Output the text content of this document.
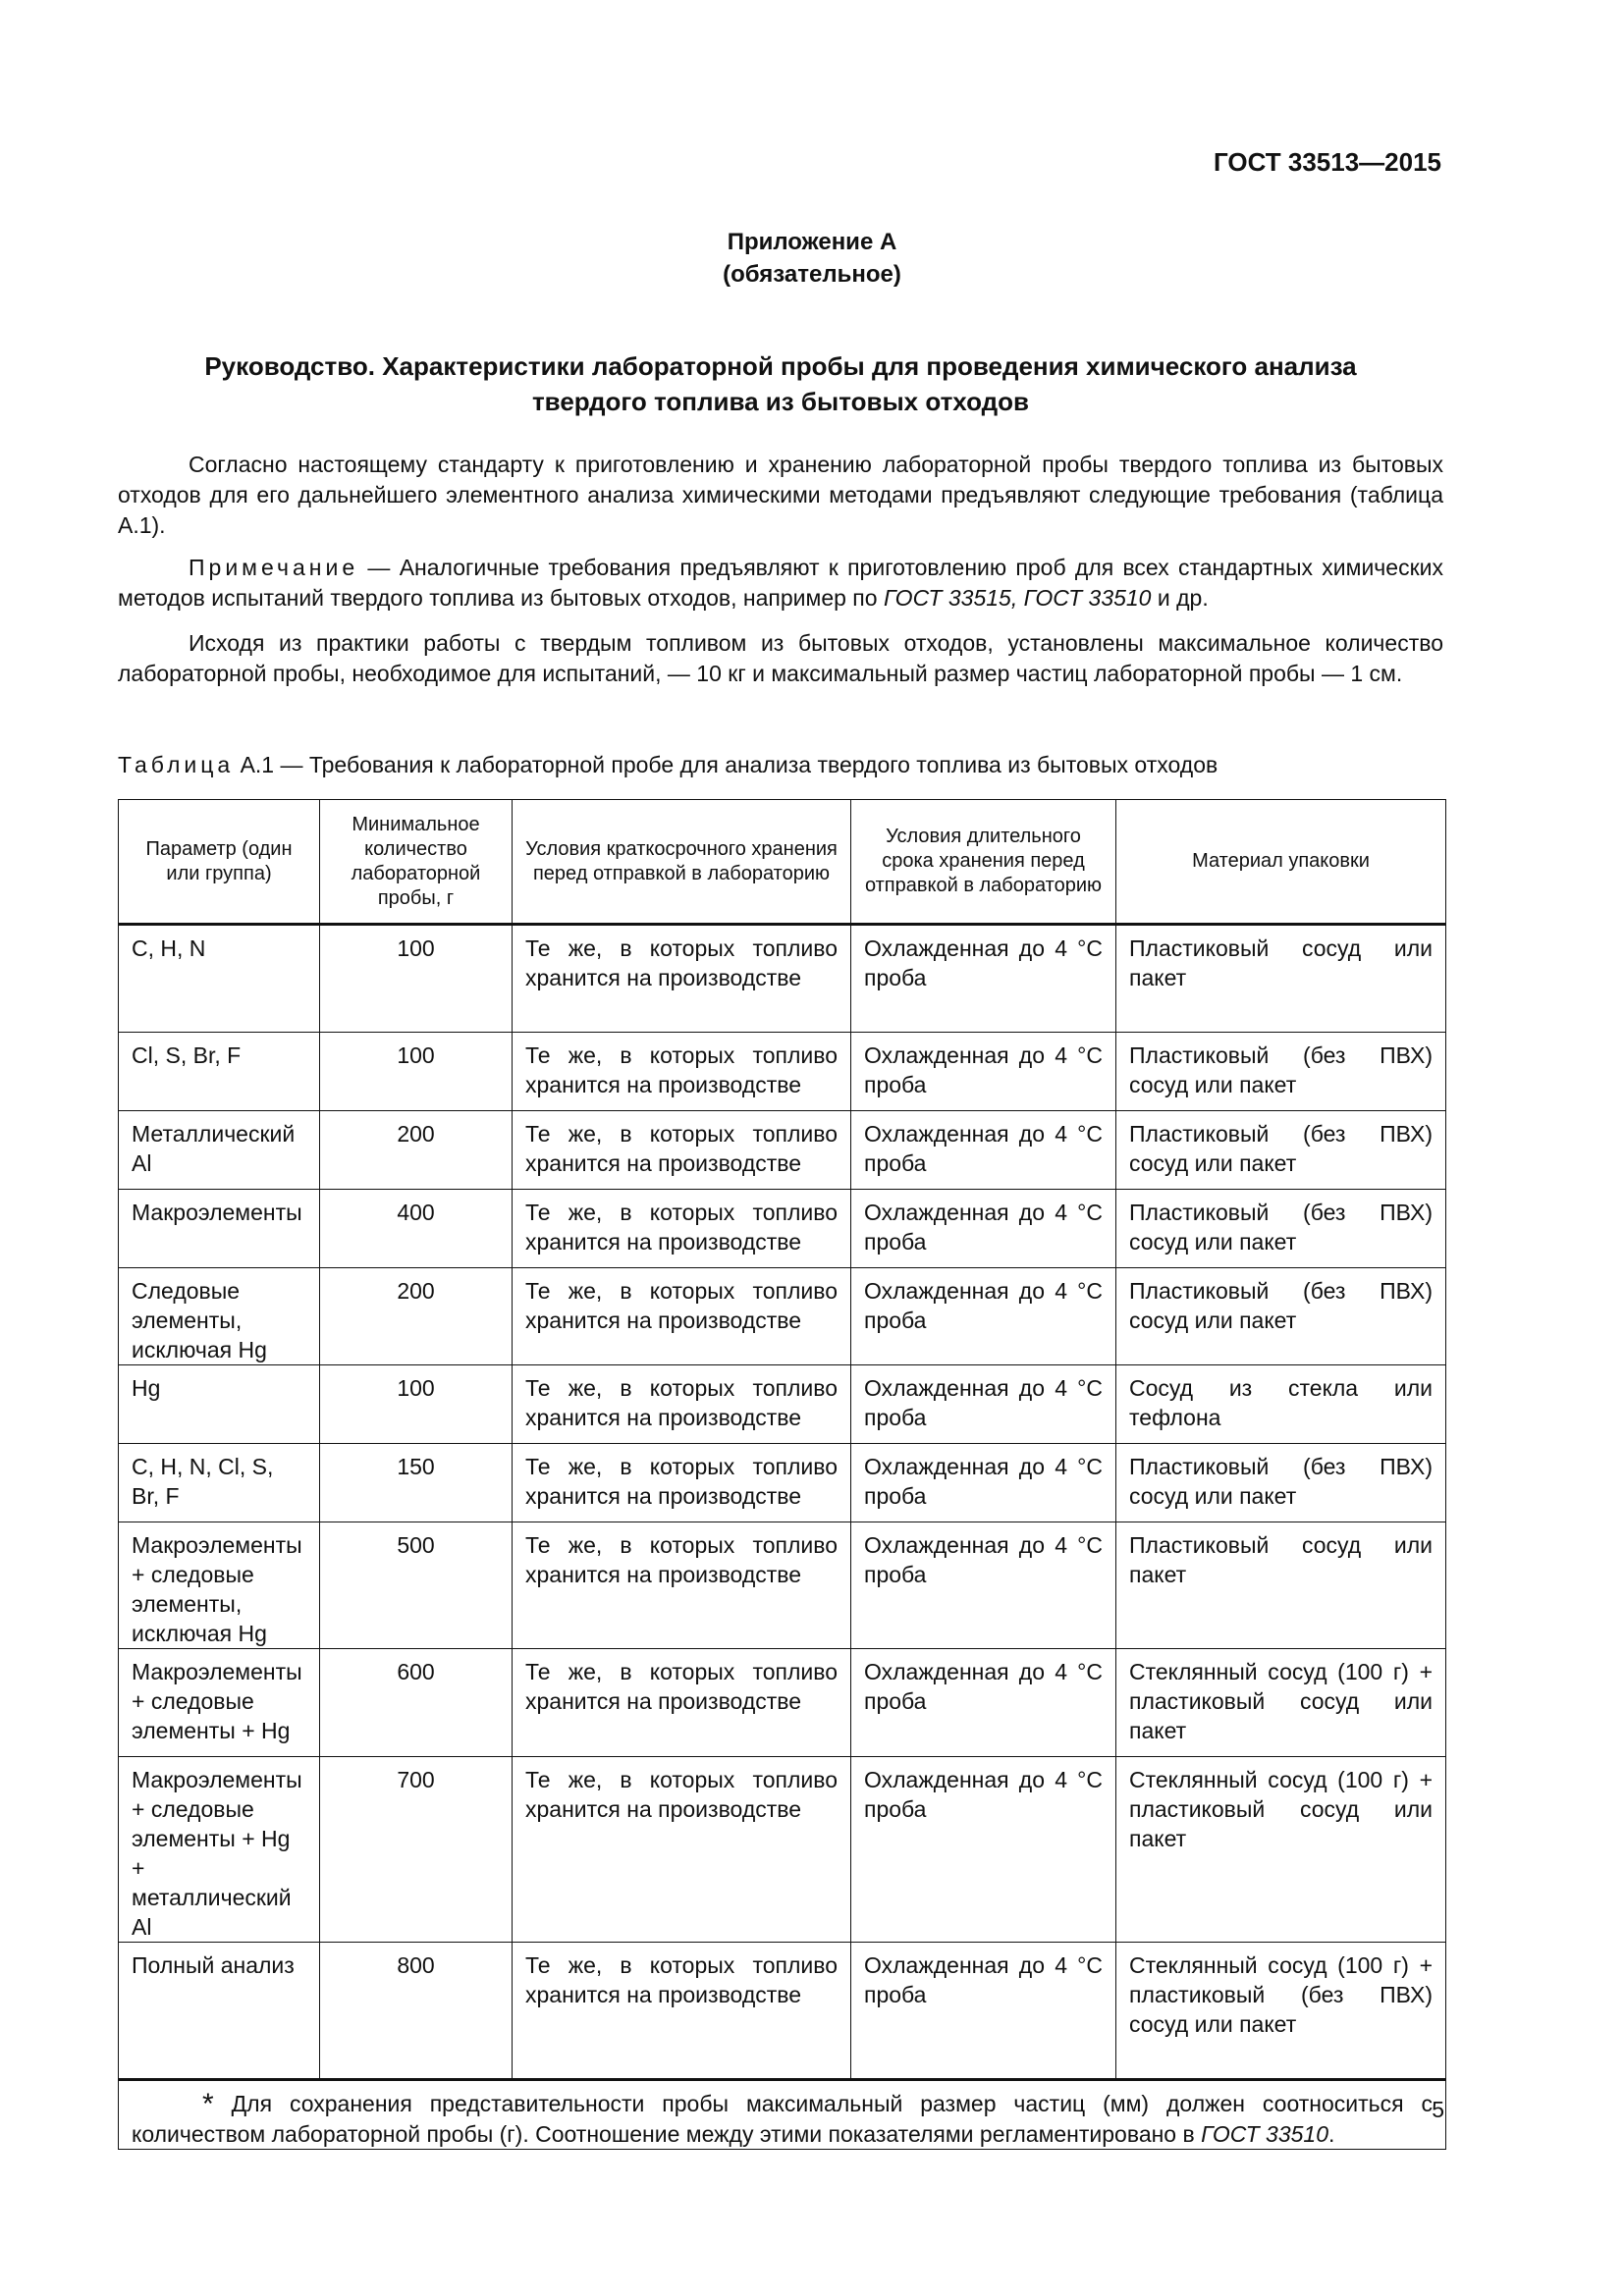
ГОСТ 33513—2015
Приложение А
(обязательное)
Руководство. Характеристики лабораторной пробы для проведения химического анализа
твердого топлива из бытовых отходов
Согласно настоящему стандарту к приготовлению и хранению лабораторной пробы твердого топлива из бытовых отходов для его дальнейшего элементного анализа химическими методами предъявляют следующие требования (таблица А.1).
Примечание — Аналогичные требования предъявляют к приготовлению проб для всех стандартных химических методов испытаний твердого топлива из бытовых отходов, например по ГОСТ 33515, ГОСТ 33510 и др.
Исходя из практики работы с твердым топливом из бытовых отходов, установлены максимальное количество лабораторной пробы, необходимое для испытаний, — 10 кг и максимальный размер частиц лабораторной пробы — 1 см.
Таблица А.1 — Требования к лабораторной пробе для анализа твердого топлива из бытовых отходов
Параметр (один или группа)	Минимальное количество лабораторной пробы, г	Условия краткосрочного хранения перед отправкой в лабораторию	Условия длительного срока хранения перед отправкой в лабораторию	Материал упаковки
C, H, N	100	Те же, в которых топливо хранится на производстве	Охлажденная до 4 °С проба	Пластиковый сосуд или пакет
Cl, S, Br, F	100	Те же, в которых топливо хранится на производстве	Охлажденная до 4 °С проба	Пластиковый (без ПВХ) сосуд или пакет
Металлический Al	200	Те же, в которых топливо хранится на производстве	Охлажденная до 4 °С проба	Пластиковый (без ПВХ) сосуд или пакет
Макроэлементы	400	Те же, в которых топливо хранится на производстве	Охлажденная до 4 °С проба	Пластиковый (без ПВХ) сосуд или пакет
Следовые элементы, исключая Hg	200	Те же, в которых топливо хранится на производстве	Охлажденная до 4 °С проба	Пластиковый (без ПВХ) сосуд или пакет
Hg	100	Те же, в которых топливо хранится на производстве	Охлажденная до 4 °С проба	Сосуд из стекла или тефлона
C, H, N, Cl, S, Br, F	150	Те же, в которых топливо хранится на производстве	Охлажденная до 4 °С проба	Пластиковый (без ПВХ) сосуд или пакет
Макроэлементы + следовые элементы, исключая Hg	500	Те же, в которых топливо хранится на производстве	Охлажденная до 4 °С проба	Пластиковый сосуд или пакет
Макроэлементы + следовые элементы + Hg	600	Те же, в которых топливо хранится на производстве	Охлажденная до 4 °С проба	Стеклянный сосуд (100 г) + пластиковый сосуд или пакет
Макроэлементы + следовые элементы + Hg + металлический Al	700	Те же, в которых топливо хранится на производстве	Охлажденная до 4 °С проба	Стеклянный сосуд (100 г) + пластиковый сосуд или пакет
Полный анализ	800	Те же, в которых топливо хранится на производстве	Охлажденная до 4 °С проба	Стеклянный сосуд (100 г) + пластиковый (без ПВХ) сосуд или пакет
* Для сохранения представительности пробы максимальный размер частиц (мм) должен соотноситься с количеством лабораторной пробы (г). Соотношение между этими показателями регламентировано в ГОСТ 33510.				
5
